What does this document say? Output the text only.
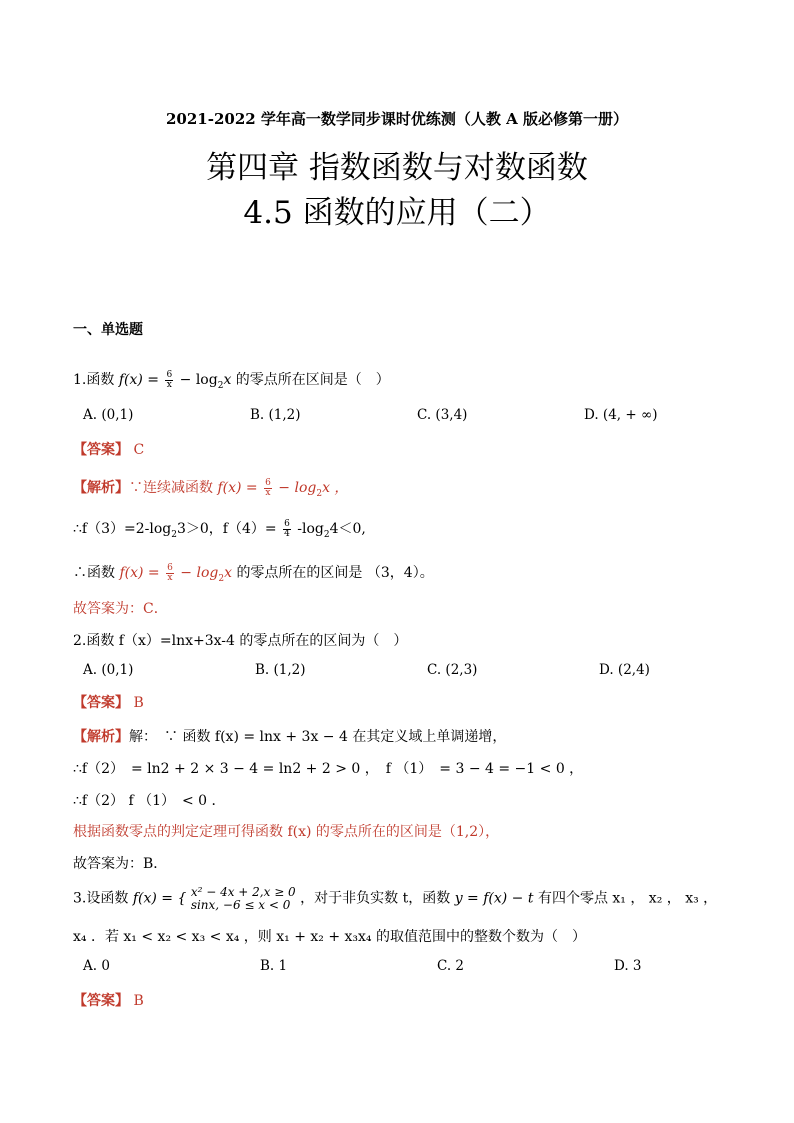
2021-2022 学年高一数学同步课时优练测（人教 A 版必修第一册）
第四章 指数函数与对数函数
4.5 函数的应用（二）
一、单选题
1.函数 $f(x) = \frac{6}{x} - \log_2x$ 的零点所在区间是（　）
A. (0,1)	B. (1,2)	C. (3,4)	D. (4, + ∞)
【答案】 C
【解析】∵连续减函数 $f(x) = \frac{6}{x} - \log_2x$ ，
$\therefore f(3)=2-\log_23>0$，$f(4)= \frac{6}{4} -\log_24<0$,
∴函数 $f(x) = \frac{6}{x} - \log_2x$ 的零点所在的区间是 （3，4）。
故答案为：C．
2.函数 f（x）=lnx+3x-4 的零点所在的区间为（　）
A. (0,1)	B. (1,2)	C. (2,3)	D. (2,4)
【答案】 B
【解析】解：　∵ 函数 f(x) = lnx + 3x − 4 在其定义域上单调递增，
∴f（2）　= ln2 + 2 × 3 − 4 = ln2 + 2 > 0 ，　f （1）　= 3 − 4 = −1 < 0 ，
∴f（2） f （1）　< 0 ．
根据函数零点的判定定理可得函数 f(x) 的零点所在的区间是（1,2），
故答案为：B．
3.设函数 f(x) = { x² − 4x + 2,x ≥ 0
sinx, −6 ≤ x < 0 ，对于非负实数 t，函数 y = f(x) − t 有四个零点 x₁ ， x₂ ， x₃ ，
x₄ ．若 x₁ < x₂ < x₃ < x₄ ，则 x₁ + x₂ + x₃x₄ 的取值范围中的整数个数为（　）
A. 0	B. 1	C. 2	D. 3
【答案】 B
